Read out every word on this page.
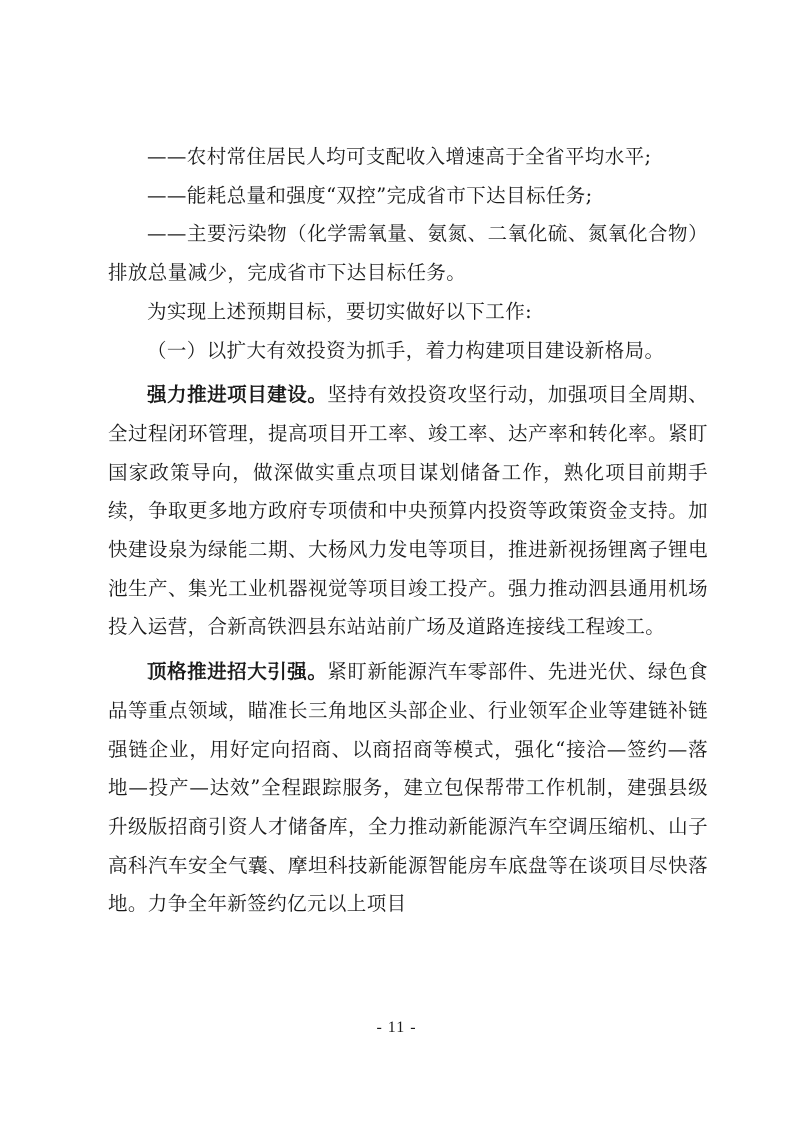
——农村常住居民人均可支配收入增速高于全省平均水平;

——能耗总量和强度“双控”完成省市下达目标任务;

——主要污染物（化学需氧量、氨氮、二氧化硫、氮氧化合物）排放总量减少，完成省市下达目标任务。

为实现上述预期目标，要切实做好以下工作:

（一）以扩大有效投资为抓手，着力构建项目建设新格局。

强力推进项目建设。坚持有效投资攻坚行动，加强项目全周期、全过程闭环管理，提高项目开工率、竣工率、达产率和转化率。紧盯国家政策导向，做深做实重点项目谋划储备工作，熟化项目前期手续，争取更多地方政府专项债和中央预算内投资等政策资金支持。加快建设泉为绿能二期、大杨风力发电等项目，推进新视扬锂离子锂电池生产、集光工业机器视觉等项目竣工投产。强力推动泗县通用机场投入运营，合新高铁泗县东站站前广场及道路连接线工程竣工。

顶格推进招大引强。紧盯新能源汽车零部件、先进光伏、绿色食品等重点领域，瞄准长三角地区头部企业、行业领军企业等建链补链强链企业，用好定向招商、以商招商等模式，强化“接洽—签约—落地—投产—达效”全程跟踪服务，建立包保帮带工作机制，建强县级升级版招商引资人才储备库，全力推动新能源汽车空调压缩机、山子高科汽车安全气囊、摩坦科技新能源智能房车底盘等在谈项目尽快落地。力争全年新签约亿元以上项目

- 11 -
